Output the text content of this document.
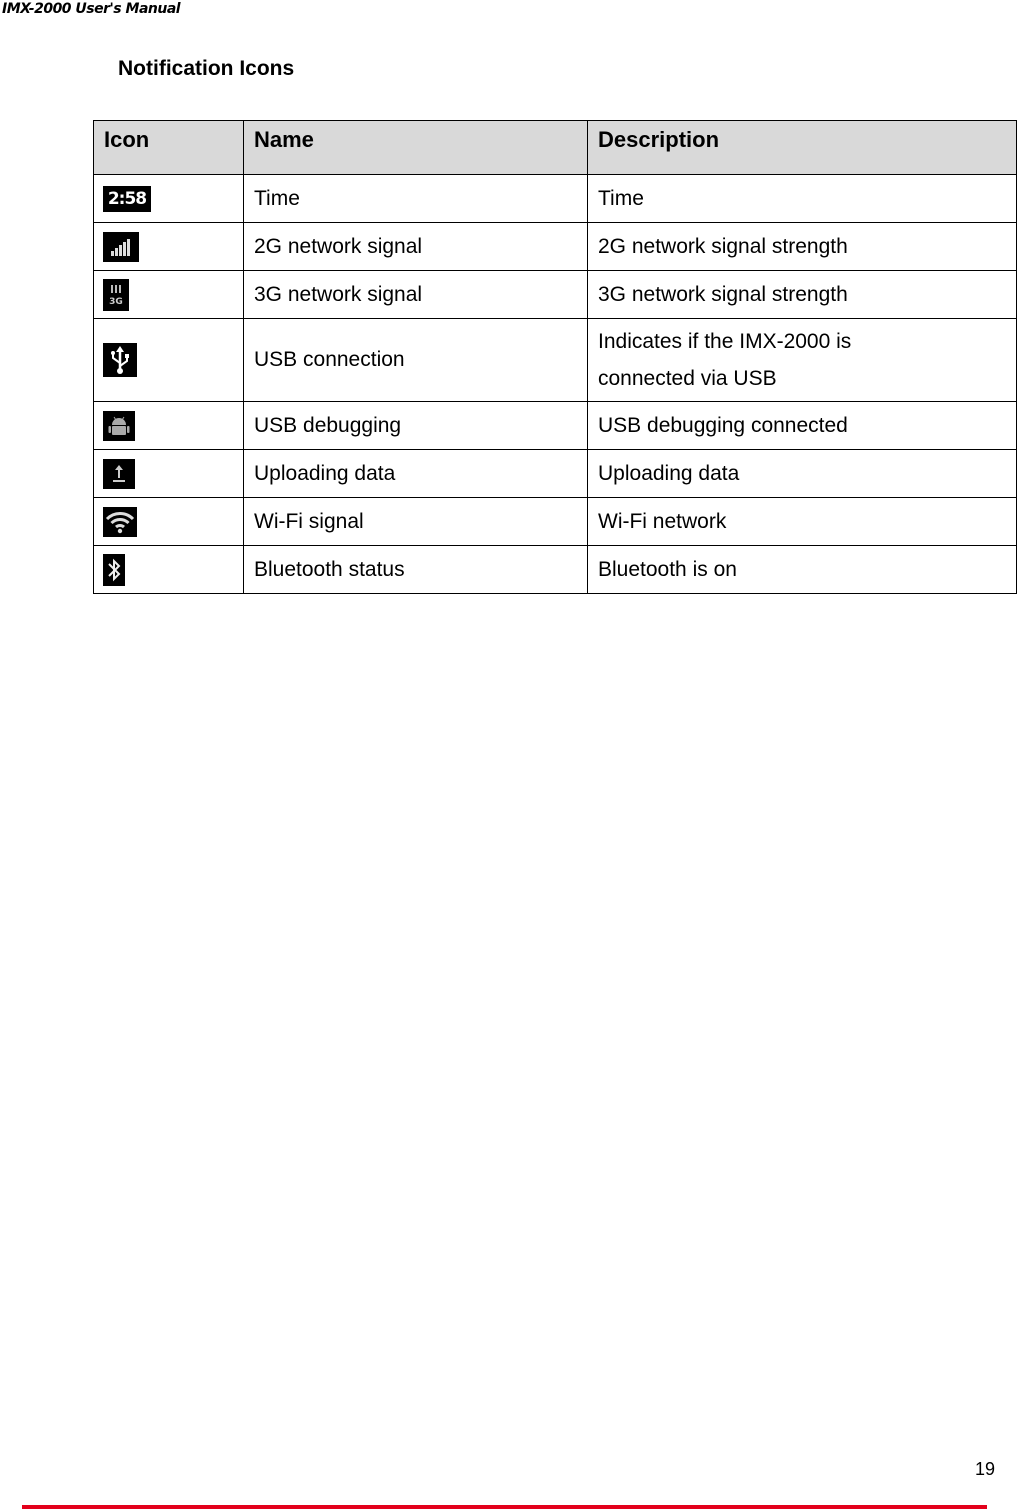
IMX-2000 User's Manual
Notification Icons
Icon	Name	Description
2:58	Time	Time

	2G network signal	2G network signal strength

3G	3G network signal	3G network signal strength

	USB connection	Indicates if the IMX-2000 is
connected via USB

	USB debugging	USB debugging connected

	Uploading data	Uploading data

	Wi-Fi signal	Wi-Fi network

	Bluetooth status	Bluetooth is on
19
